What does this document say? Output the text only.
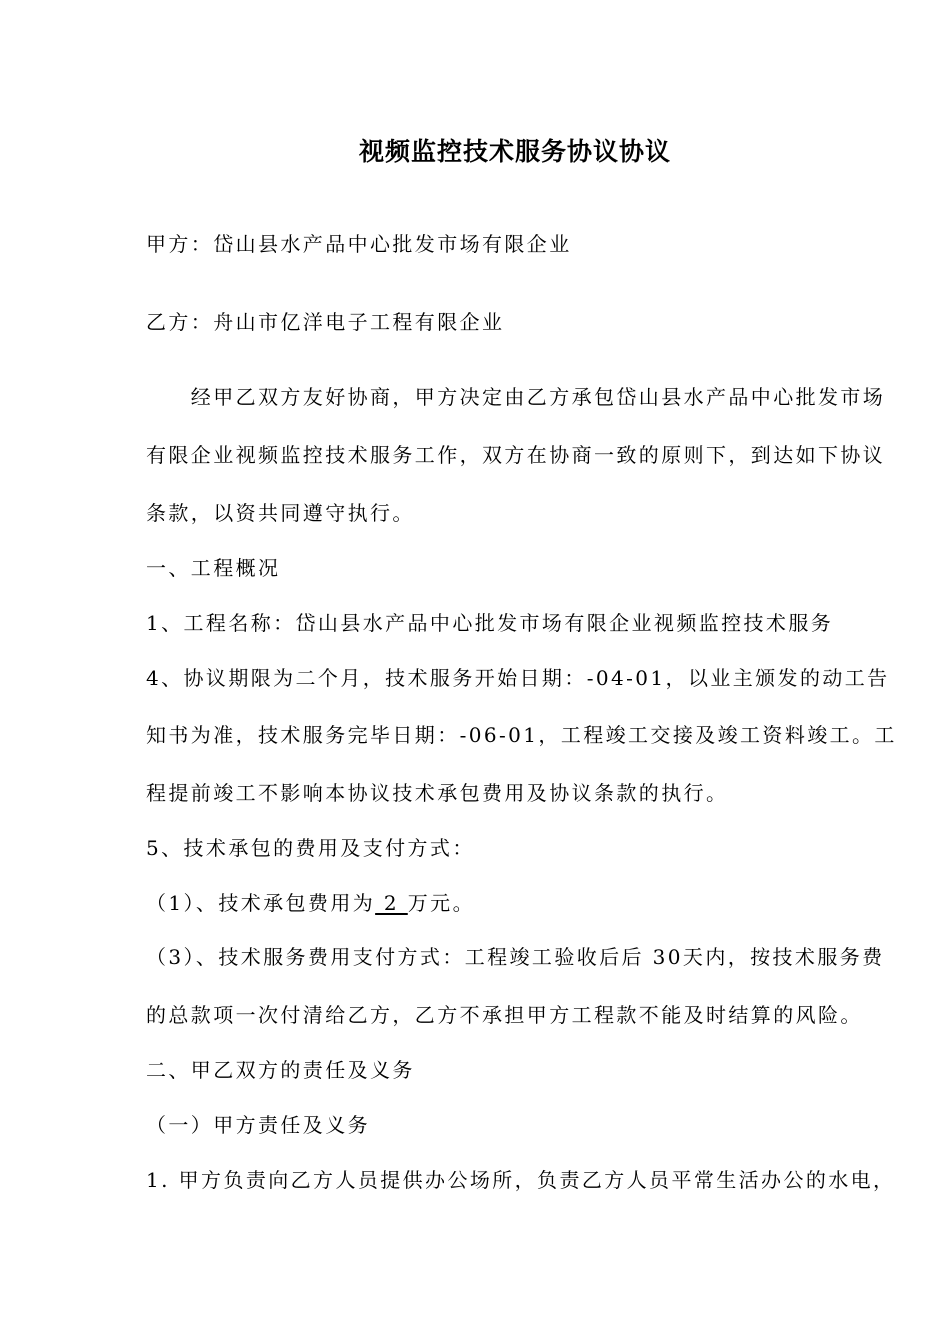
视频监控技术服务协议协议
甲方：岱山县水产品中心批发市场有限企业
乙方：舟山市亿洋电子工程有限企业
　　经甲乙双方友好协商，甲方决定由乙方承包岱山县水产品中心批发市场
有限企业视频监控技术服务工作，双方在协商一致的原则下，到达如下协议
条款，以资共同遵守执行。
一、工程概况
1、工程名称：岱山县水产品中心批发市场有限企业视频监控技术服务
4、协议期限为二个月，技术服务开始日期：-04-01，以业主颁发的动工告
知书为准，技术服务完毕日期：-06-01，工程竣工交接及竣工资料竣工。工
程提前竣工不影响本协议技术承包费用及协议条款的执行。
5、技术承包的费用及支付方式：
（1）、技术承包费用为 2 万元。
（3）、技术服务费用支付方式：工程竣工验收后后 30天内，按技术服务费
的总款项一次付清给乙方，乙方不承担甲方工程款不能及时结算的风险。
二、甲乙双方的责任及义务
（一）甲方责任及义务
1. 甲方负责向乙方人员提供办公场所，负责乙方人员平常生活办公的水电，
